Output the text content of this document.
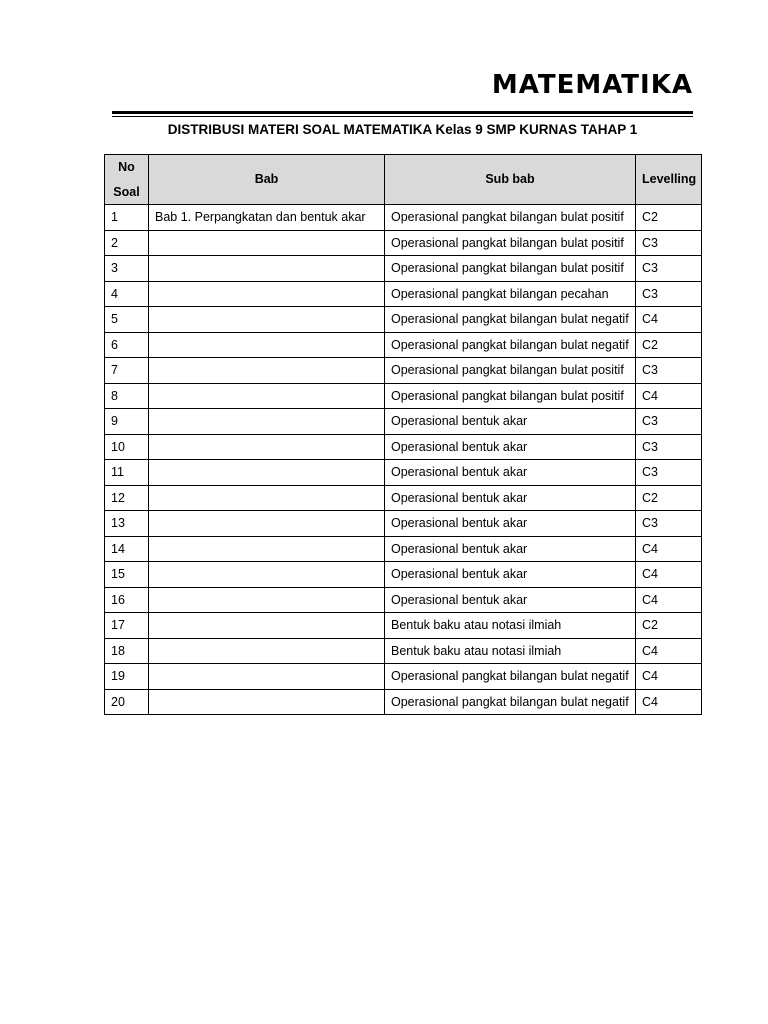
MATEMATIKA
DISTRIBUSI MATERI SOAL MATEMATIKA Kelas 9 SMP KURNAS TAHAP 1
No
Soal	Bab	Sub bab	Levelling
1	Bab 1. Perpangkatan dan bentuk akar	Operasional pangkat bilangan bulat positif	C2
2		Operasional pangkat bilangan bulat positif	C3
3		Operasional pangkat bilangan bulat positif	C3
4		Operasional pangkat bilangan pecahan	C3
5		Operasional pangkat bilangan bulat negatif	C4
6		Operasional pangkat bilangan bulat negatif	C2
7		Operasional pangkat bilangan bulat positif	C3
8		Operasional pangkat bilangan bulat positif	C4
9		Operasional bentuk akar	C3
10		Operasional bentuk akar	C3
11		Operasional bentuk akar	C3
12		Operasional bentuk akar	C2
13		Operasional bentuk akar	C3
14		Operasional bentuk akar	C4
15		Operasional bentuk akar	C4
16		Operasional bentuk akar	C4
17		Bentuk baku atau notasi ilmiah	C2
18		Bentuk baku atau notasi ilmiah	C4
19		Operasional pangkat bilangan bulat negatif	C4
20		Operasional pangkat bilangan bulat negatif	C4
